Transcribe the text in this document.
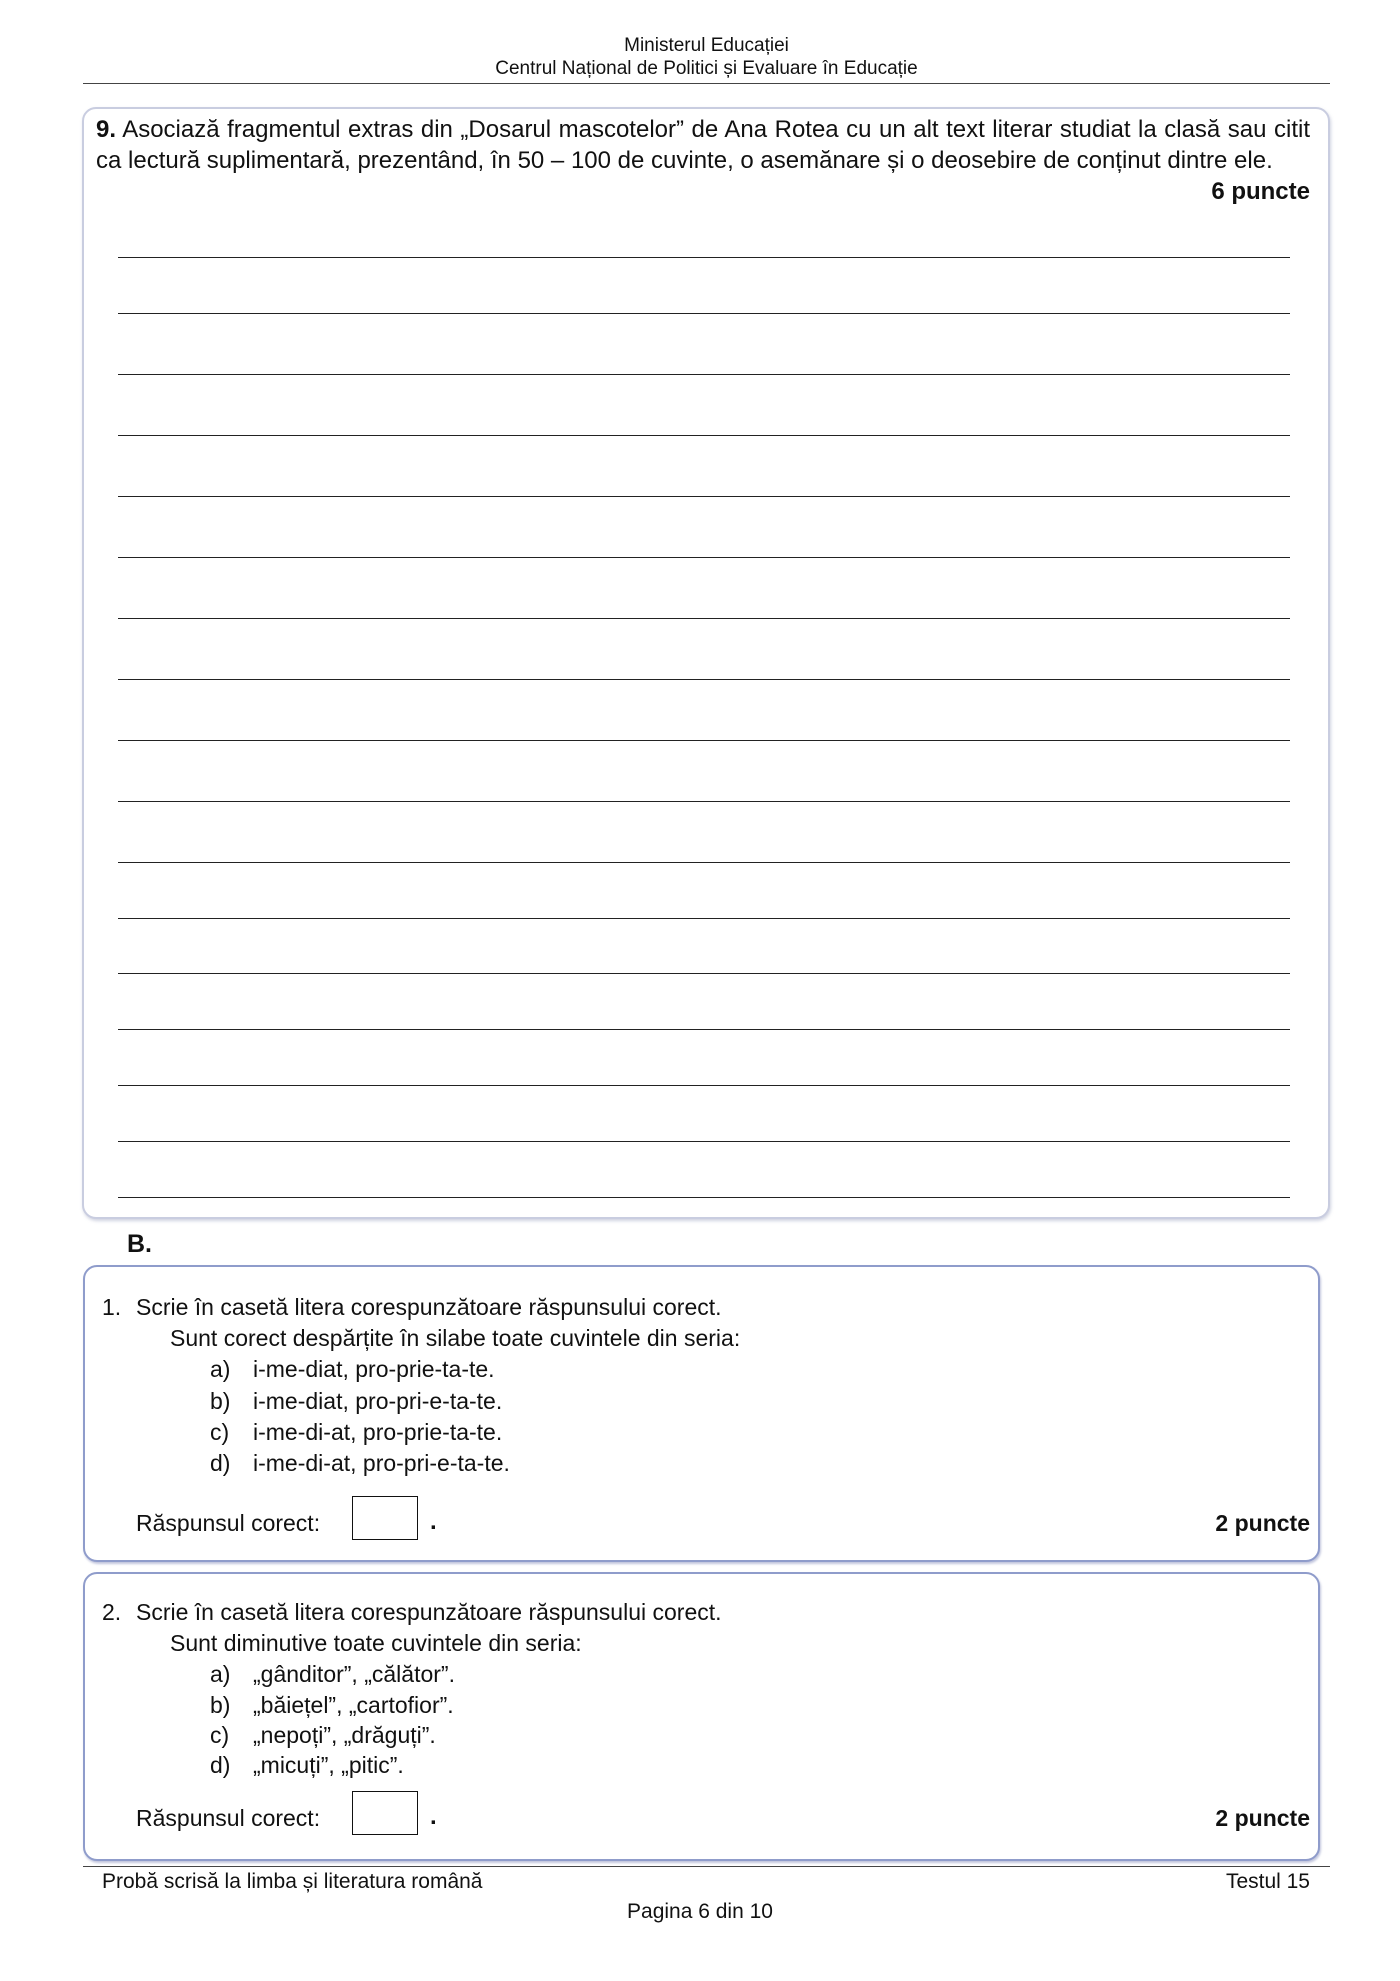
Ministerul Educației
Centrul Național de Politici și Evaluare în Educație
9. Asociază fragmentul extras din „Dosarul mascotelor” de Ana Rotea cu un alt text literar studiat la clasă sau citit ca lectură suplimentară, prezentând, în 50 – 100 de cuvinte, o asemănare și o deosebire de conținut dintre ele.
6 puncte
B.
1. Scrie în casetă litera corespunzătoare răspunsului corect.
Sunt corect despărțite în silabe toate cuvintele din seria:
a) i-me-diat, pro-prie-ta-te.
b) i-me-diat, pro-pri-e-ta-te.
c) i-me-di-at, pro-prie-ta-te.
d) i-me-di-at, pro-pri-e-ta-te.
Răspunsul corect:	.	2 puncte
2. Scrie în casetă litera corespunzătoare răspunsului corect.
Sunt diminutive toate cuvintele din seria:
a) „gânditor”, „călător”.
b) „băiețel”, „cartofior”.
c) „nepoți”, „drăguți”.
d) „micuți”, „pitic”.
Răspunsul corect:	.	2 puncte
Probă scrisă la limba și literatura română	Testul 15
Pagina 6 din 10
